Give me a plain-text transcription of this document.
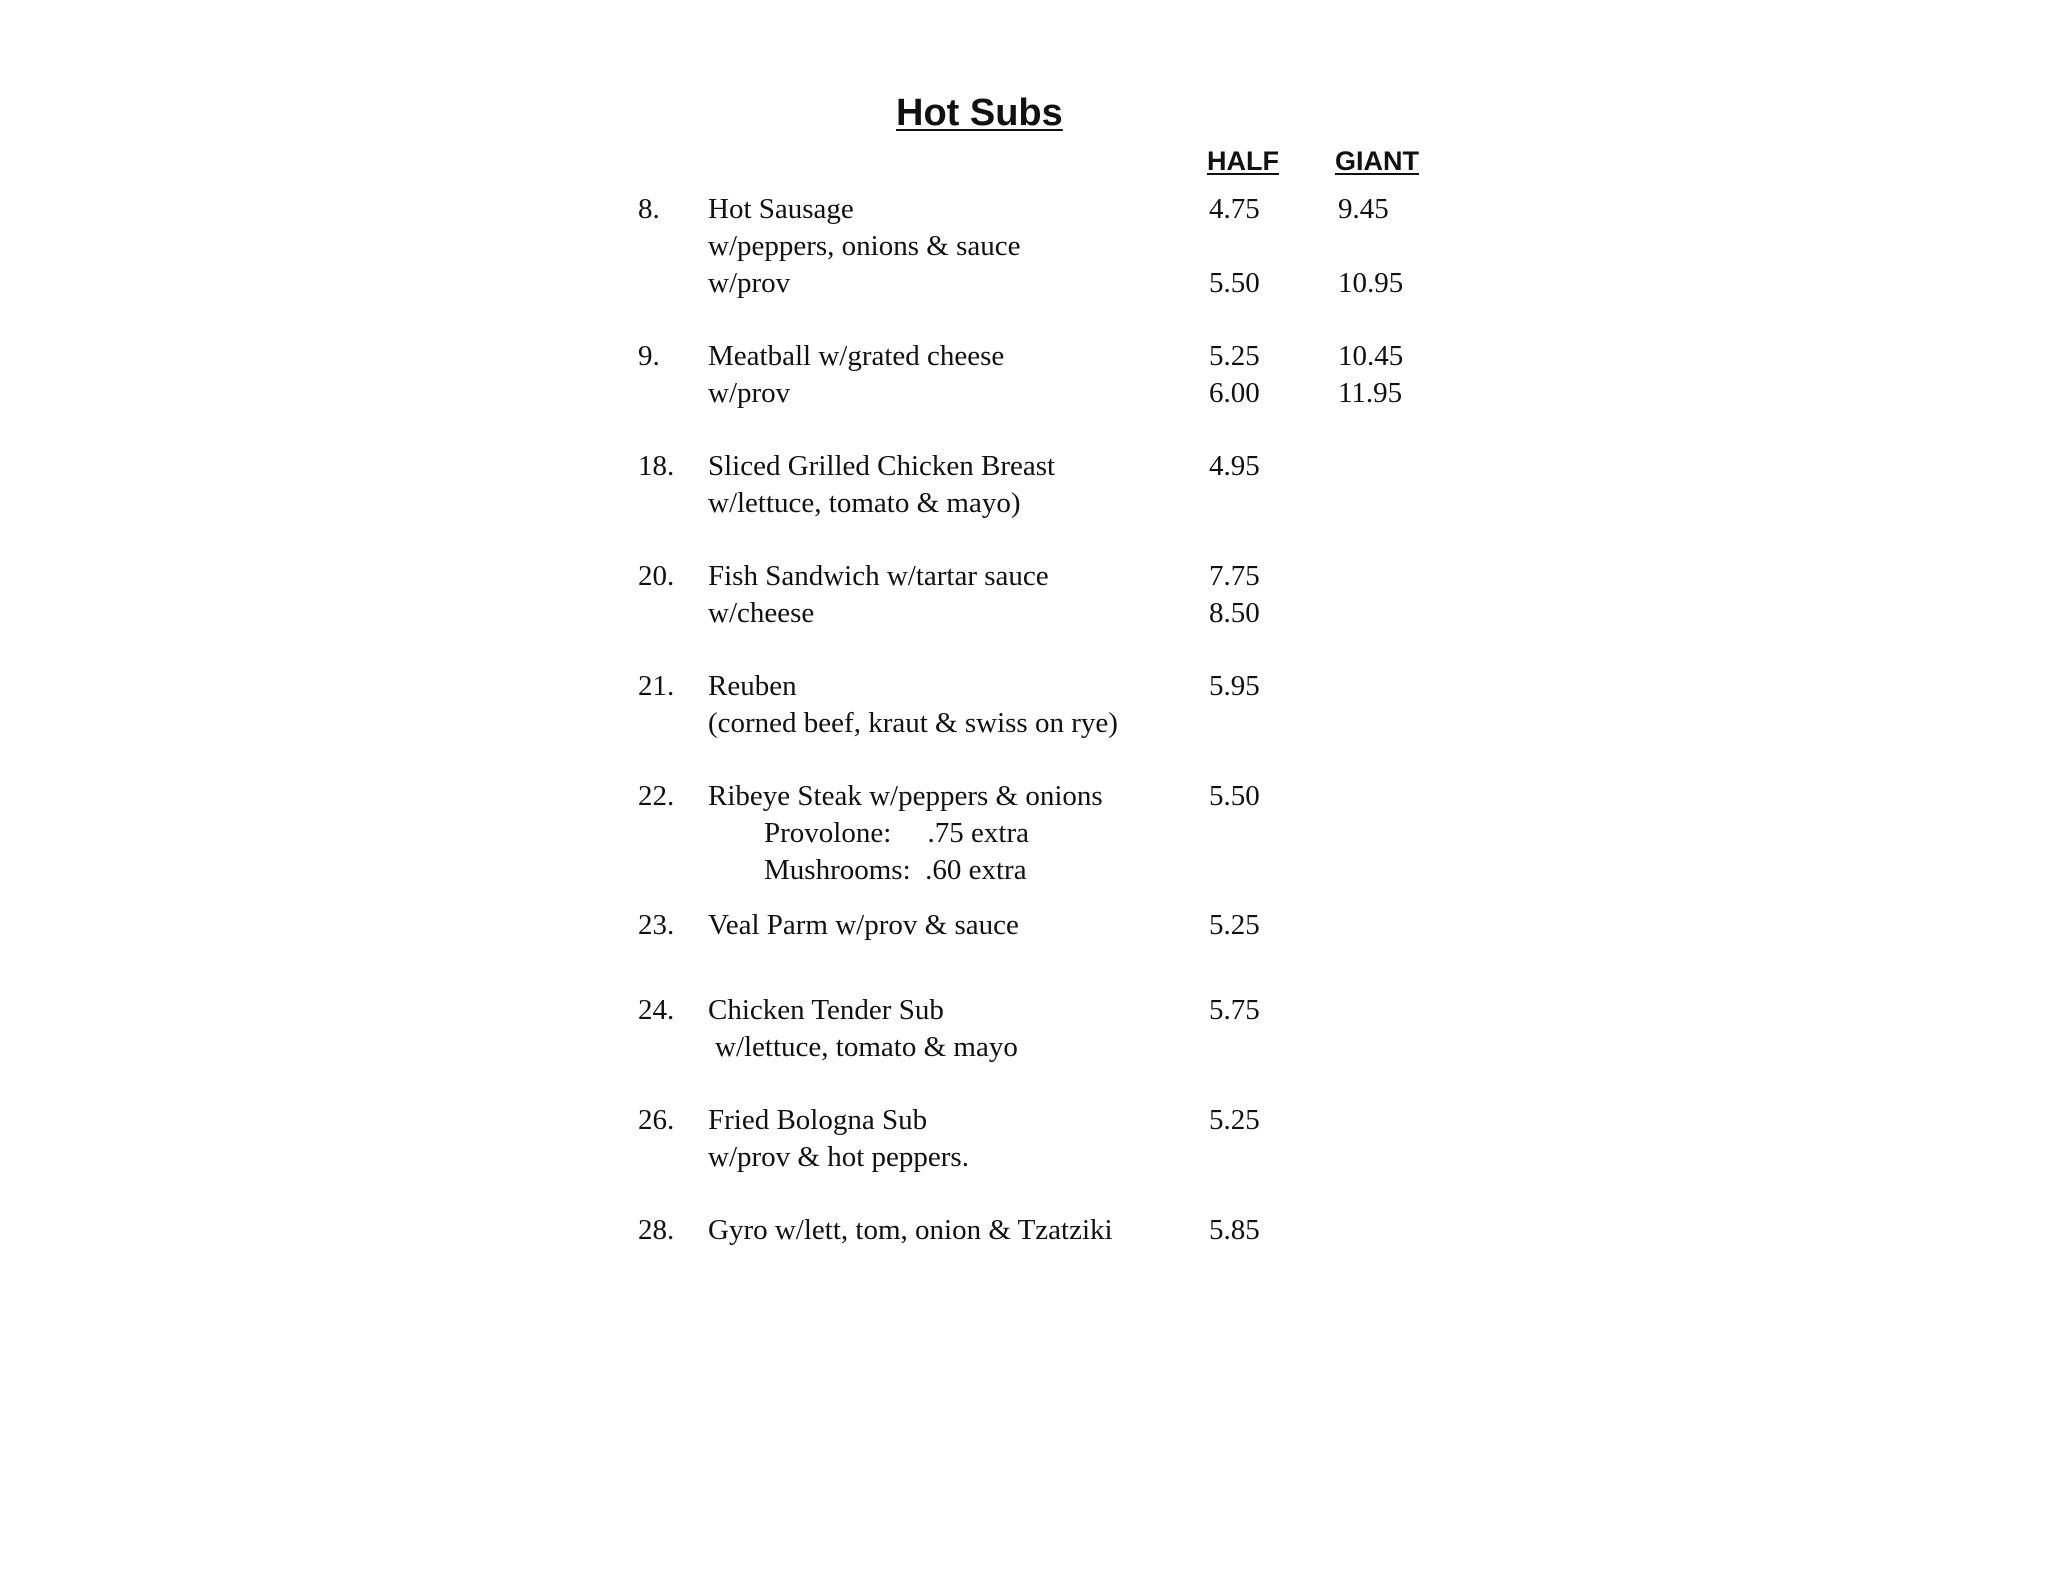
Hot Subs
HALF GIANT
8. Hot Sausage	4.75	9.45
w/peppers, onions & sauce
w/prov	5.50	10.95
9. Meatball w/grated cheese	5.25	10.45
w/prov	6.00	11.95
18. Sliced Grilled Chicken Breast	4.95
w/lettuce, tomato & mayo)
20. Fish Sandwich w/tartar sauce	7.75
w/cheese	8.50
21. Reuben	5.95
(corned beef, kraut & swiss on rye)
22. Ribeye Steak w/peppers & onions	5.50
Provolone:     .75 extra
Mushrooms:  .60 extra
23. Veal Parm w/prov & sauce	5.25
24. Chicken Tender Sub	5.75
w/lettuce, tomato & mayo
26. Fried Bologna Sub	5.25
w/prov & hot peppers.
28. Gyro w/lett, tom, onion & Tzatziki	5.85
